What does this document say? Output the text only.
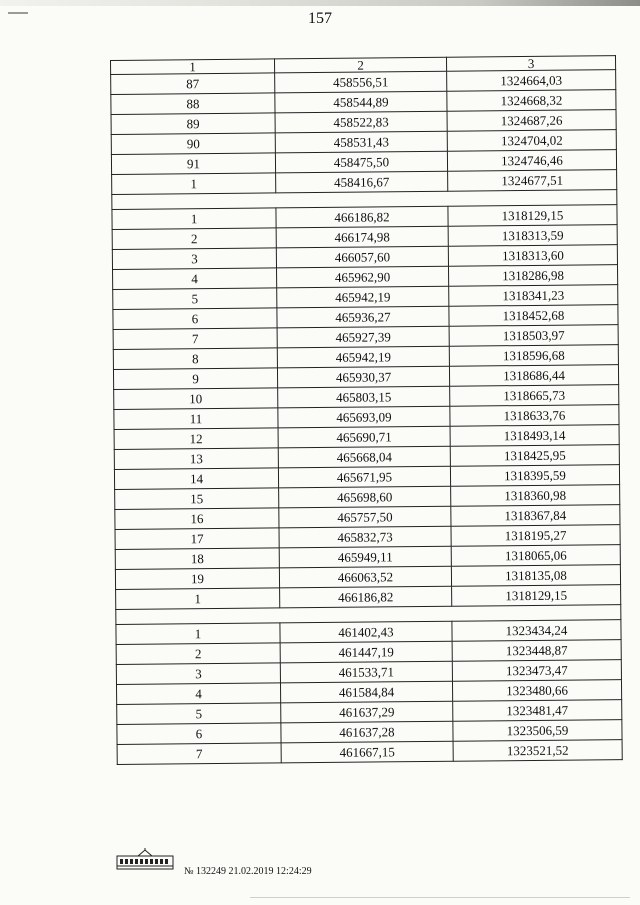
157
1	2	3
87	458556,51	1324664,03
88	458544,89	1324668,32
89	458522,83	1324687,26
90	458531,43	1324704,02
91	458475,50	1324746,46
1	458416,67	1324677,51

1	466186,82	1318129,15
2	466174,98	1318313,59
3	466057,60	1318313,60
4	465962,90	1318286,98
5	465942,19	1318341,23
6	465936,27	1318452,68
7	465927,39	1318503,97
8	465942,19	1318596,68
9	465930,37	1318686,44
10	465803,15	1318665,73
11	465693,09	1318633,76
12	465690,71	1318493,14
13	465668,04	1318425,95
14	465671,95	1318395,59
15	465698,60	1318360,98
16	465757,50	1318367,84
17	465832,73	1318195,27
18	465949,11	1318065,06
19	466063,52	1318135,08
1	466186,82	1318129,15

1	461402,43	1323434,24
2	461447,19	1323448,87
3	461533,71	1323473,47
4	461584,84	1323480,66
5	461637,29	1323481,47
6	461637,28	1323506,59
7	461667,15	1323521,52
№ 132249 21.02.2019 12:24:29
